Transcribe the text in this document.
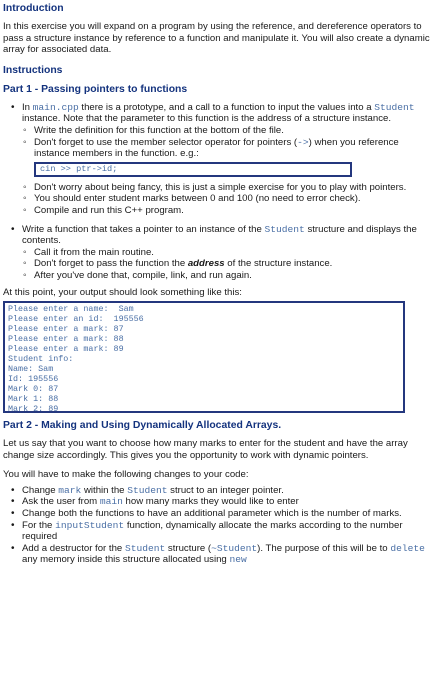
Introduction

In this exercise you will expand on a program by using the reference, and dereference operators to pass a structure instance by reference to a function and manipulate it. You will also create a dynamic array for associated data.

Instructions
Part 1 - Passing pointers to functions
• In main.cpp there is a prototype, and a call to a function to input the values into a Student instance. Note that the parameter to this function is the address of a structure instance.
◦ Write the definition for this function at the bottom of the file.
◦ Don't forget to use the member selector operator for pointers (->) when you reference instance members in the function. e.g.:
cin >> ptr->id;
◦ Don't worry about being fancy, this is just a simple exercise for you to play with pointers.
◦ You should enter student marks between 0 and 100 (no need to error check).
◦ Compile and run this C++ program.
• Write a function that takes a pointer to an instance of the Student structure and displays the contents.
◦ Call it from the main routine.
◦ Don't forget to pass the function the address of the structure instance.
◦ After you've done that, compile, link, and run again.

At this point, your output should look something like this:

Please enter a name:  Sam
Please enter an id:  195556
Please enter a mark: 87
Please enter a mark: 88
Please enter a mark: 89
Student info:
Name: Sam
Id: 195556
Mark 0: 87
Mark 1: 88
Mark 2: 89
Part 2 - Making and Using Dynamically Allocated Arrays.

Let us say that you want to choose how many marks to enter for the student and have the array change size accordingly. This gives you the opportunity to work with dynamic pointers.

You will have to make the following changes to your code:

• Change mark within the Student struct to an integer pointer.
• Ask the user from main how many marks they would like to enter
• Change both the functions to have an additional parameter which is the number of marks.
• For the inputStudent function, dynamically allocate the marks according to the number required
• Add a destructor for the Student structure (~Student). The purpose of this will be to delete any memory inside this structure allocated using new
